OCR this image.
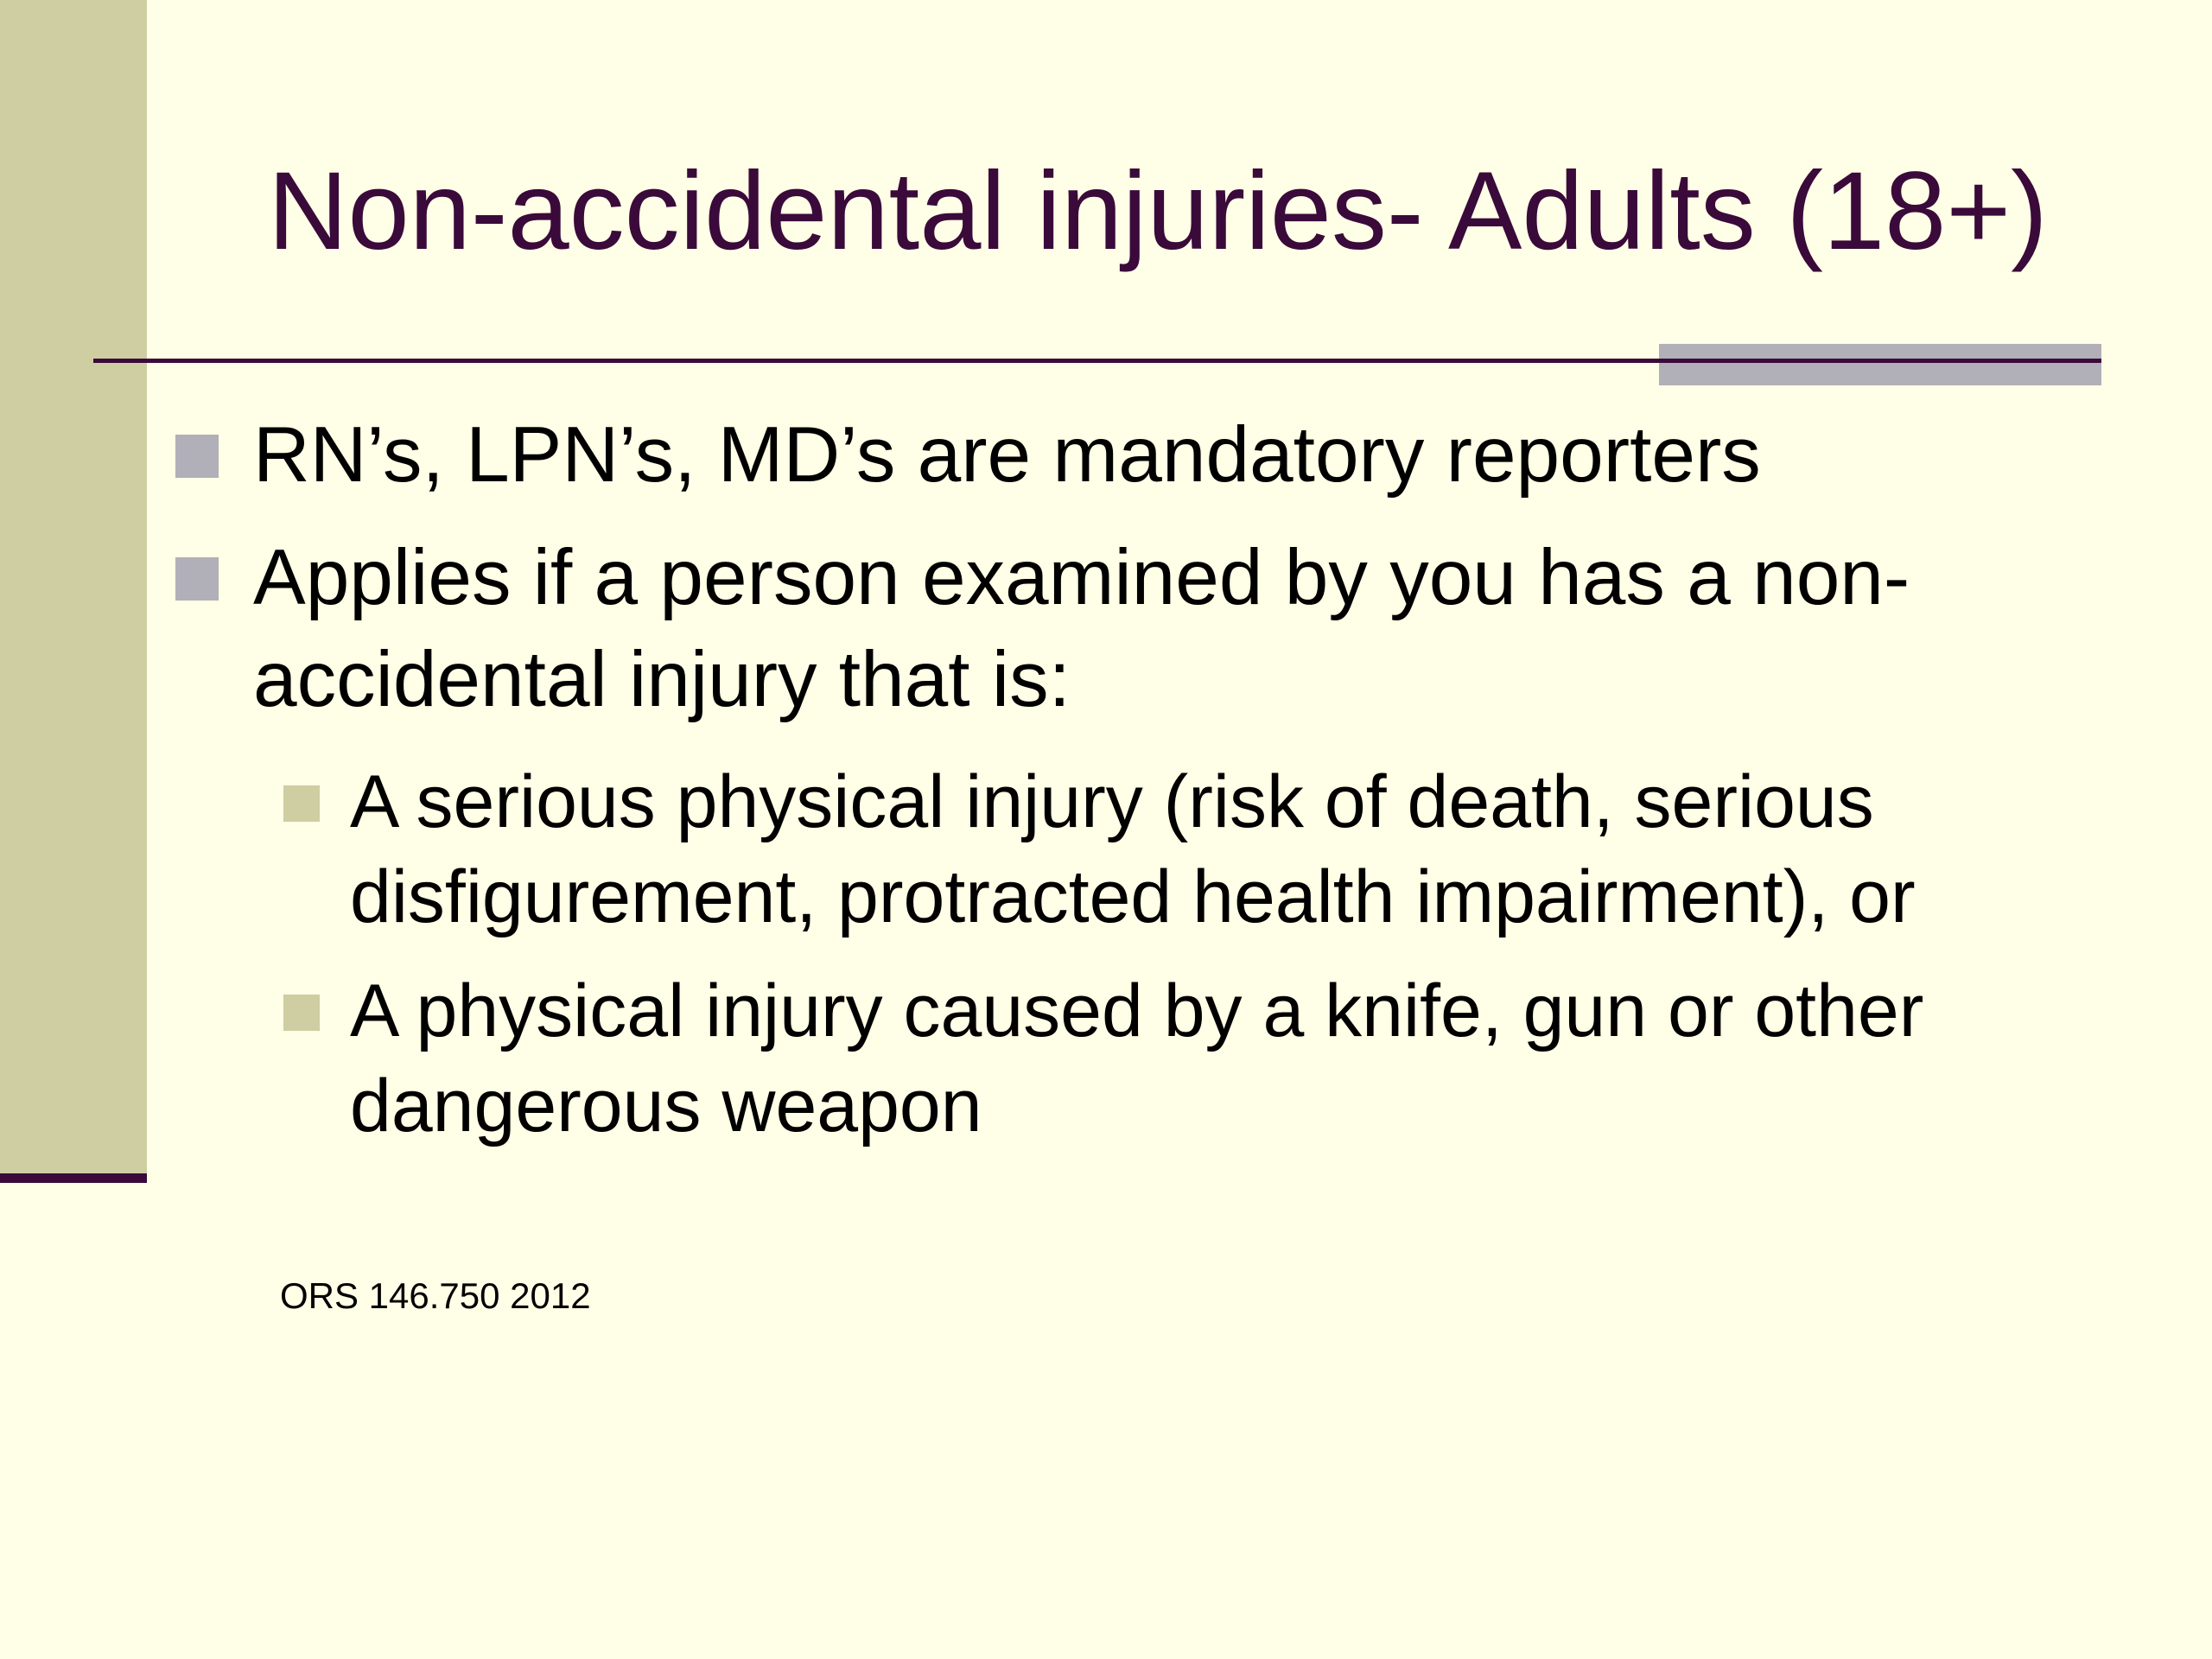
Non-accidental injuries- Adults (18+)
RN’s, LPN’s, MD’s are mandatory reporters
Applies if a person examined by you has a non-accidental injury that is:
A serious physical injury (risk of death, serious disfigurement, protracted health impairment), or
A physical injury caused by a knife, gun or other dangerous weapon
ORS 146.750 2012
